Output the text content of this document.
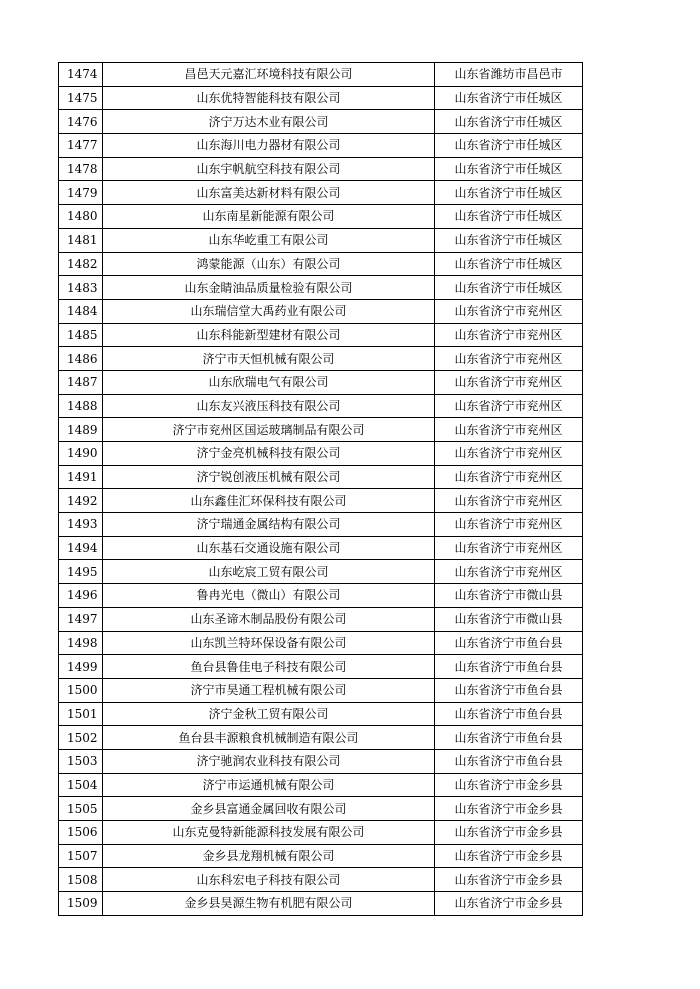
1474	昌邑天元嘉汇环境科技有限公司	山东省潍坊市昌邑市
1475	山东优特智能科技有限公司	山东省济宁市任城区
1476	济宁万达木业有限公司	山东省济宁市任城区
1477	山东海川电力器材有限公司	山东省济宁市任城区
1478	山东宇帆航空科技有限公司	山东省济宁市任城区
1479	山东富美达新材料有限公司	山东省济宁市任城区
1480	山东南星新能源有限公司	山东省济宁市任城区
1481	山东华屹重工有限公司	山东省济宁市任城区
1482	鸿蒙能源（山东）有限公司	山东省济宁市任城区
1483	山东金睛油品质量检验有限公司	山东省济宁市任城区
1484	山东瑞信堂大禹药业有限公司	山东省济宁市兖州区
1485	山东科能新型建材有限公司	山东省济宁市兖州区
1486	济宁市天恒机械有限公司	山东省济宁市兖州区
1487	山东欣瑞电气有限公司	山东省济宁市兖州区
1488	山东友兴液压科技有限公司	山东省济宁市兖州区
1489	济宁市兖州区国运玻璃制品有限公司	山东省济宁市兖州区
1490	济宁金亮机械科技有限公司	山东省济宁市兖州区
1491	济宁锐创液压机械有限公司	山东省济宁市兖州区
1492	山东鑫佳汇环保科技有限公司	山东省济宁市兖州区
1493	济宁瑞通金属结构有限公司	山东省济宁市兖州区
1494	山东基石交通设施有限公司	山东省济宁市兖州区
1495	山东屹宸工贸有限公司	山东省济宁市兖州区
1496	鲁冉光电（微山）有限公司	山东省济宁市微山县
1497	山东圣谛木制品股份有限公司	山东省济宁市微山县
1498	山东凯兰特环保设备有限公司	山东省济宁市鱼台县
1499	鱼台县鲁佳电子科技有限公司	山东省济宁市鱼台县
1500	济宁市昊通工程机械有限公司	山东省济宁市鱼台县
1501	济宁金秋工贸有限公司	山东省济宁市鱼台县
1502	鱼台县丰源粮食机械制造有限公司	山东省济宁市鱼台县
1503	济宁驰润农业科技有限公司	山东省济宁市鱼台县
1504	济宁市运通机械有限公司	山东省济宁市金乡县
1505	金乡县富通金属回收有限公司	山东省济宁市金乡县
1506	山东克曼特新能源科技发展有限公司	山东省济宁市金乡县
1507	金乡县龙翔机械有限公司	山东省济宁市金乡县
1508	山东科宏电子科技有限公司	山东省济宁市金乡县
1509	金乡县昊源生物有机肥有限公司	山东省济宁市金乡县
